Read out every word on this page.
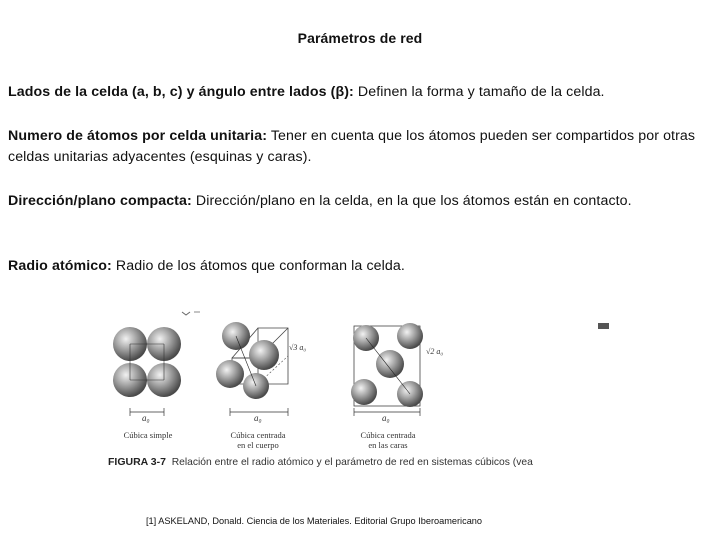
Parámetros de red
Lados de la celda (a, b, c) y ángulo entre lados (β): Definen la forma y tamaño de la celda.
Numero de átomos por celda unitaria: Tener en cuenta que los átomos pueden ser compartidos por otras celdas unitarias adyacentes (esquinas y caras).
Dirección/plano compacta: Dirección/plano en la celda, en la que los átomos están en contacto.
Radio atómico: Radio de los átomos que conforman la celda.
a₀
√3 a₀
a₀
√2 a₀
a₀
Cúbica simple	Cúbica centrada
en el cuerpo
Cúbica centrada
en las caras
FIGURA 3-7 Relación entre el radio atómico y el parámetro de red en sistemas cúbicos (vea
[1] ASKELAND, Donald. Ciencia de los Materiales. Editorial Grupo Iberoamericano
